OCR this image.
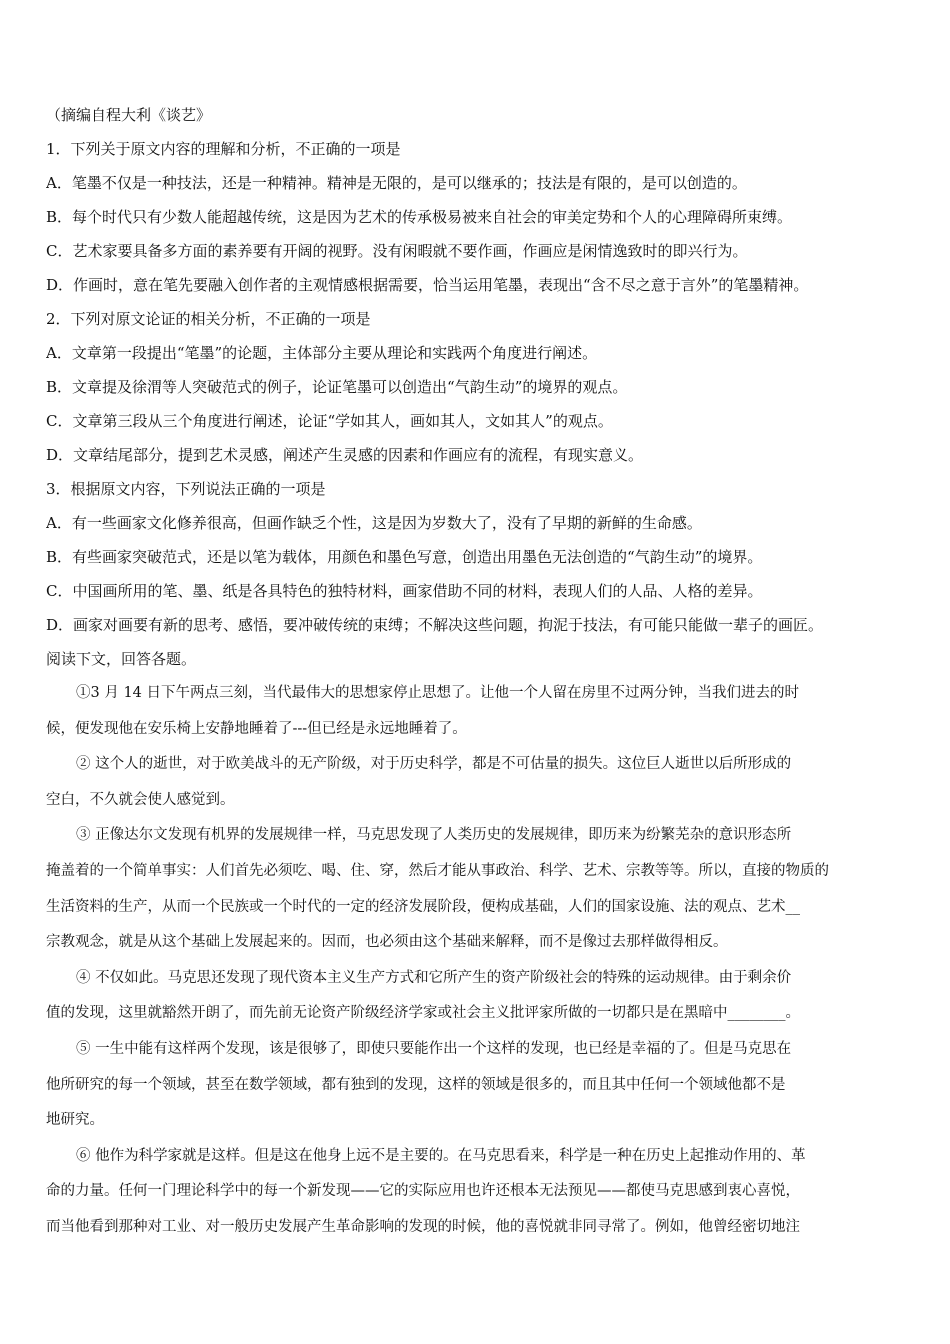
（摘编自程大利《谈艺》
1．下列关于原文内容的理解和分析，不正确的一项是
A．笔墨不仅是一种技法，还是一种精神。精神是无限的，是可以继承的；技法是有限的，是可以创造的。
B．每个时代只有少数人能超越传统，这是因为艺术的传承极易被来自社会的审美定势和个人的心理障碍所束缚。
C．艺术家要具备多方面的素养要有开阔的视野。没有闲暇就不要作画，作画应是闲情逸致时的即兴行为。
D．作画时，意在笔先要融入创作者的主观情感根据需要，恰当运用笔墨，表现出“含不尽之意于言外”的笔墨精神。
2．下列对原文论证的相关分析，不正确的一项是
A．文章第一段提出“笔墨”的论题，主体部分主要从理论和实践两个角度进行阐述。
B．文章提及徐渭等人突破范式的例子，论证笔墨可以创造出“气韵生动”的境界的观点。
C．文章第三段从三个角度进行阐述，论证“学如其人，画如其人，文如其人”的观点。
D．文章结尾部分，提到艺术灵感，阐述产生灵感的因素和作画应有的流程，有现实意义。
3．根据原文内容，下列说法正确的一项是
A．有一些画家文化修养很高，但画作缺乏个性，这是因为岁数大了，没有了早期的新鲜的生命感。
B．有些画家突破范式，还是以笔为载体，用颜色和墨色写意，创造出用墨色无法创造的“气韵生动”的境界。
C．中国画所用的笔、墨、纸是各具特色的独特材料，画家借助不同的材料，表现人们的人品、人格的差异。
D．画家对画要有新的思考、感悟，要冲破传统的束缚；不解决这些问题，拘泥于技法，有可能只能做一辈子的画匠。
阅读下文，回答各题。
①3 月 14 日下午两点三刻，当代最伟大的思想家停止思想了。让他一个人留在房里不过两分钟，当我们进去的时
候，便发现他在安乐椅上安静地睡着了---但已经是永远地睡着了。
② 这个人的逝世，对于欧美战斗的无产阶级，对于历史科学，都是不可估量的损失。这位巨人逝世以后所形成的
空白，不久就会使人感觉到。
③ 正像达尔文发现有机界的发展规律一样，马克思发现了人类历史的发展规律，即历来为纷繁芜杂的意识形态所
掩盖着的一个简单事实：人们首先必须吃、喝、住、穿，然后才能从事政治、科学、艺术、宗教等等。所以，直接的物质的
生活资料的生产，从而一个民族或一个时代的一定的经济发展阶段，便构成基础，人们的国家设施、法的观点、艺术__
宗教观念，就是从这个基础上发展起来的。因而，也必须由这个基础来解释，而不是像过去那样做得相反。
④ 不仅如此。马克思还发现了现代资本主义生产方式和它所产生的资产阶级社会的特殊的运动规律。由于剩余价
值的发现，这里就豁然开朗了，而先前无论资产阶级经济学家或社会主义批评家所做的一切都只是在黑暗中________。
⑤ 一生中能有这样两个发现，该是很够了，即使只要能作出一个这样的发现，也已经是幸福的了。但是马克思在
他所研究的每一个领域，甚至在数学领域，都有独到的发现，这样的领域是很多的，而且其中任何一个领域他都不是
地研究。
⑥ 他作为科学家就是这样。但是这在他身上远不是主要的。在马克思看来，科学是一种在历史上起推动作用的、革
命的力量。任何一门理论科学中的每一个新发现——它的实际应用也许还根本无法预见——都使马克思感到衷心喜悦，
而当他看到那种对工业、对一般历史发展产生革命影响的发现的时候，他的喜悦就非同寻常了。例如，他曾经密切地注
